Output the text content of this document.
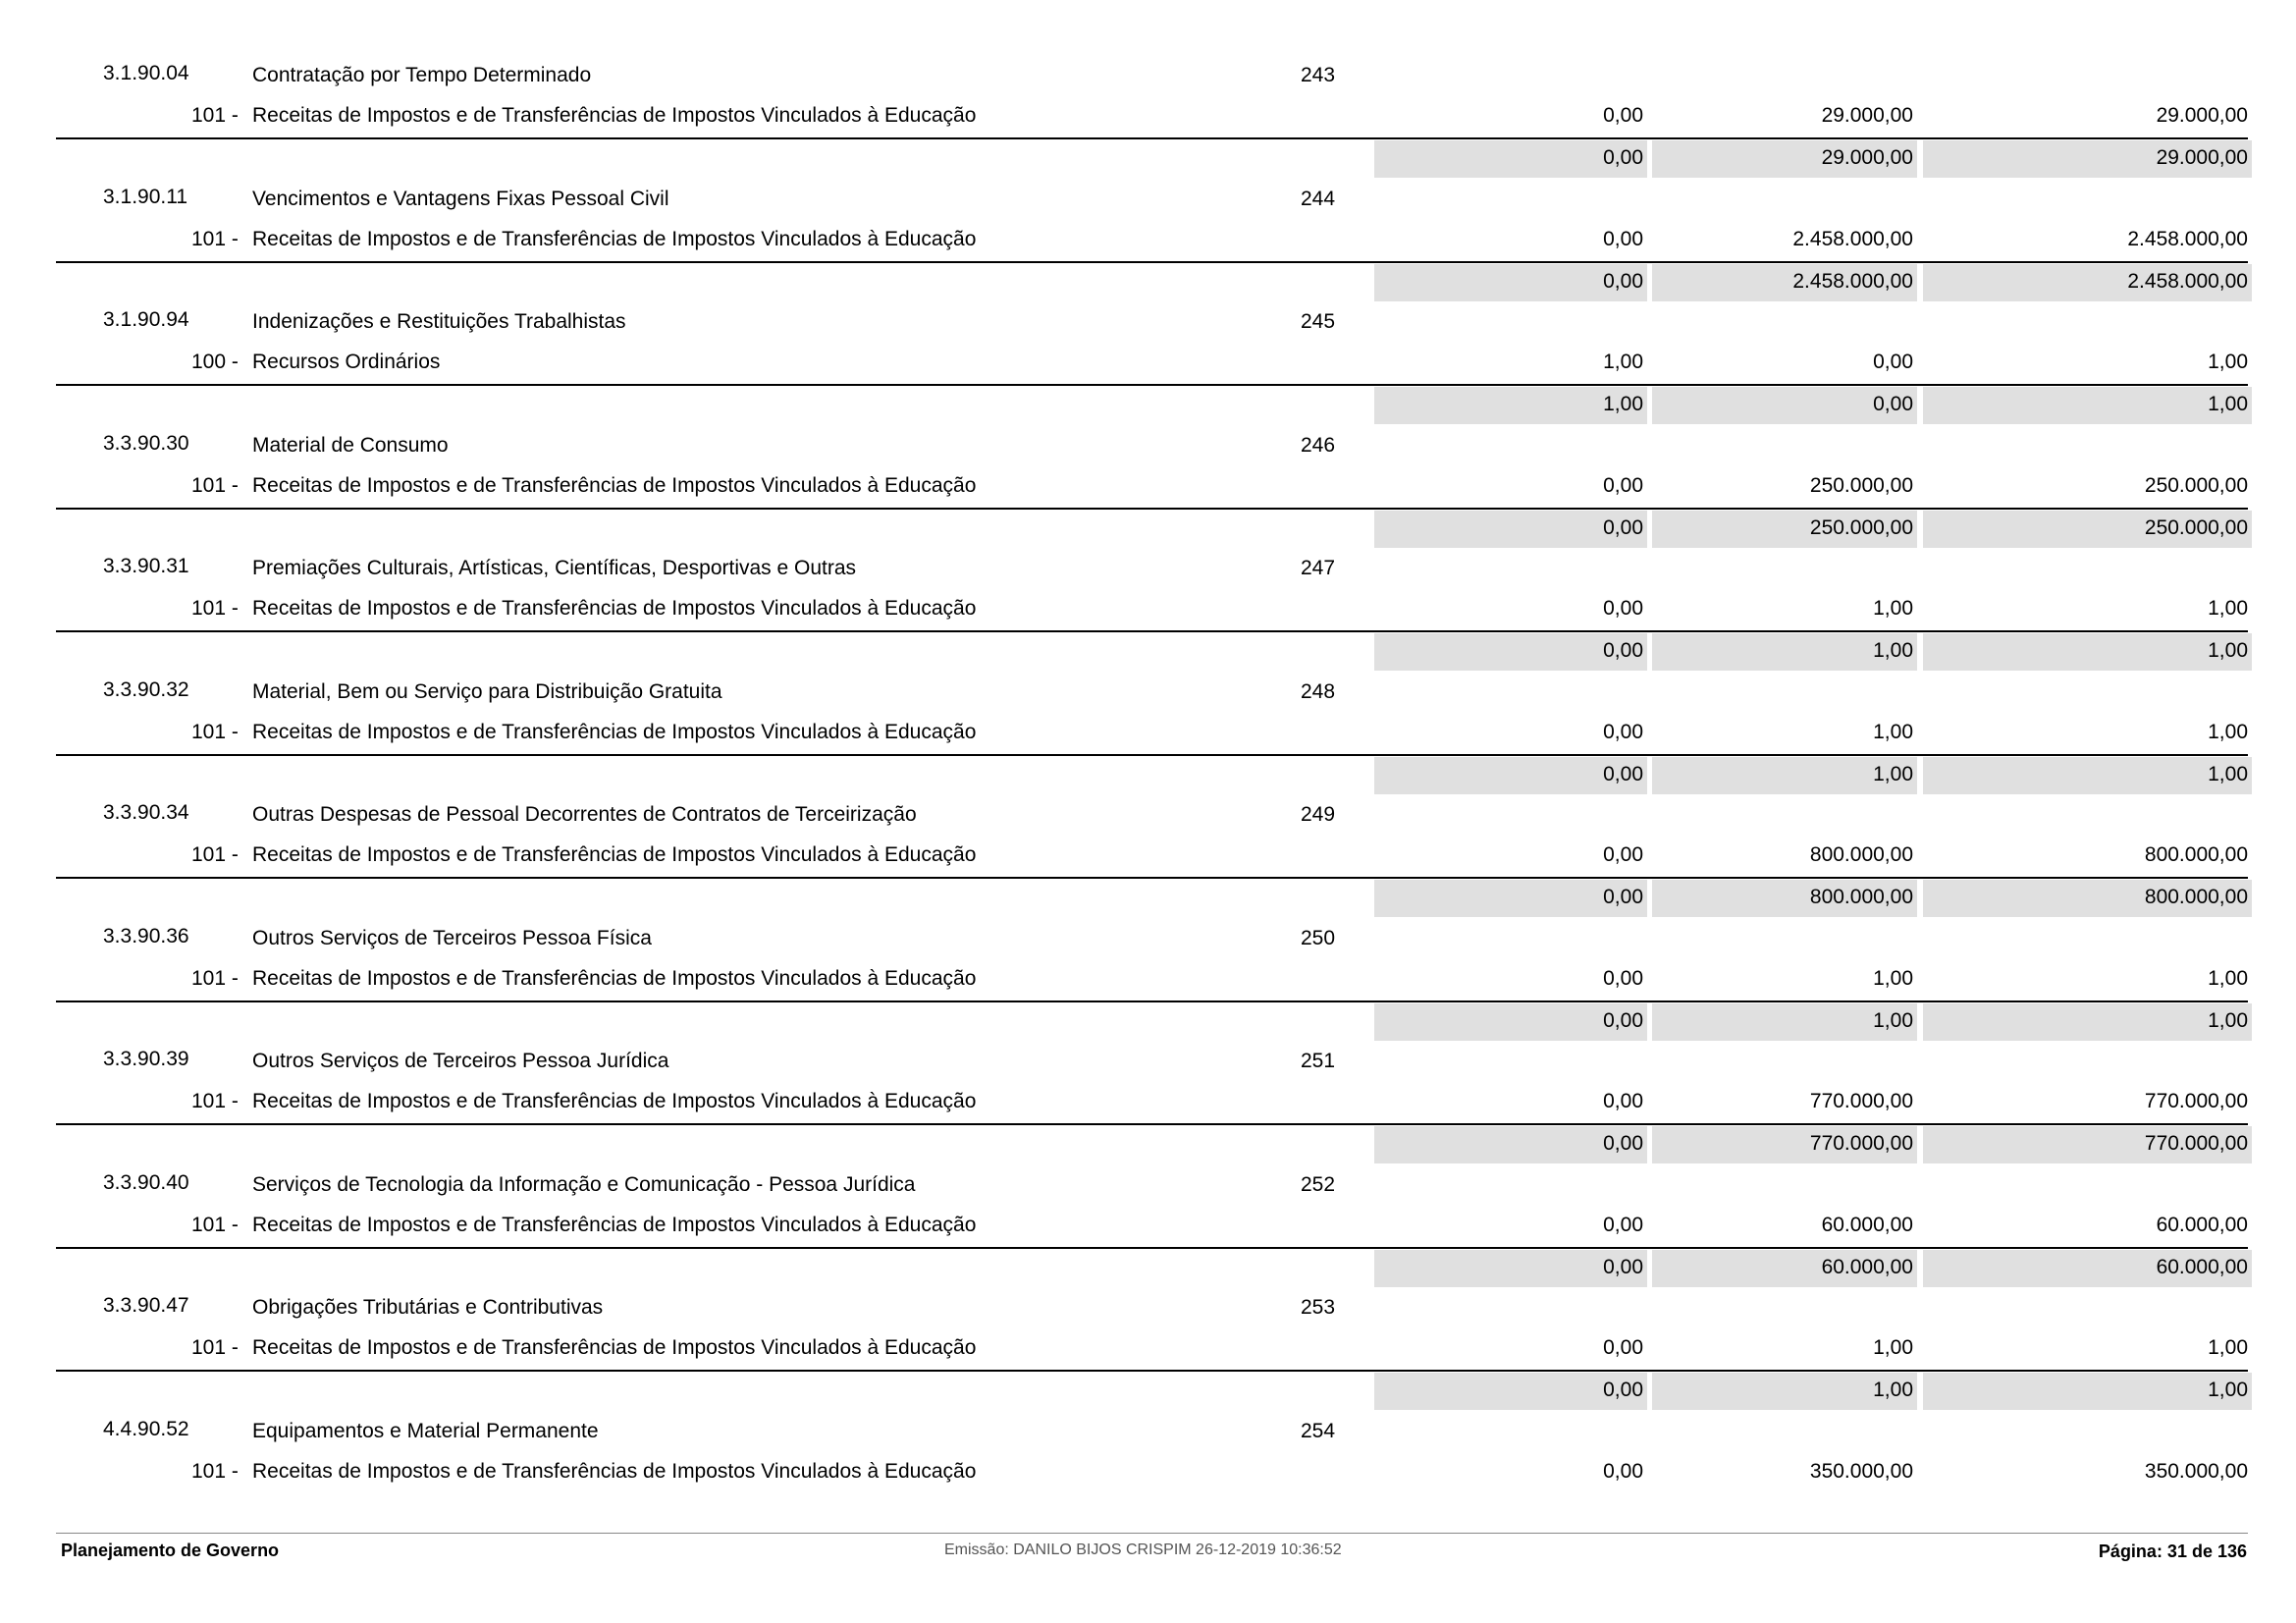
3.1.90.04	Contratação por Tempo Determinado	243
101 - Receitas de Impostos e de Transferências de Impostos Vinculados à Educação	0,00	29.000,00	29.000,00
0,00	29.000,00	29.000,00
3.1.90.11	Vencimentos e Vantagens Fixas Pessoal Civil	244
101 - Receitas de Impostos e de Transferências de Impostos Vinculados à Educação	0,00	2.458.000,00	2.458.000,00
0,00	2.458.000,00	2.458.000,00
3.1.90.94	Indenizações e Restituições Trabalhistas	245
100 - Recursos Ordinários	1,00	0,00	1,00
1,00	0,00	1,00
3.3.90.30	Material de Consumo	246
101 - Receitas de Impostos e de Transferências de Impostos Vinculados à Educação	0,00	250.000,00	250.000,00
0,00	250.000,00	250.000,00
3.3.90.31	Premiações Culturais, Artísticas, Científicas, Desportivas e Outras	247
101 - Receitas de Impostos e de Transferências de Impostos Vinculados à Educação	0,00	1,00	1,00
0,00	1,00	1,00
3.3.90.32	Material, Bem ou Serviço para Distribuição Gratuita	248
101 - Receitas de Impostos e de Transferências de Impostos Vinculados à Educação	0,00	1,00	1,00
0,00	1,00	1,00
3.3.90.34	Outras Despesas de Pessoal Decorrentes de Contratos de Terceirização	249
101 - Receitas de Impostos e de Transferências de Impostos Vinculados à Educação	0,00	800.000,00	800.000,00
0,00	800.000,00	800.000,00
3.3.90.36	Outros Serviços de Terceiros Pessoa Física	250
101 - Receitas de Impostos e de Transferências de Impostos Vinculados à Educação	0,00	1,00	1,00
0,00	1,00	1,00
3.3.90.39	Outros Serviços de Terceiros Pessoa Jurídica	251
101 - Receitas de Impostos e de Transferências de Impostos Vinculados à Educação	0,00	770.000,00	770.000,00
0,00	770.000,00	770.000,00
3.3.90.40	Serviços de Tecnologia da Informação e Comunicação - Pessoa Jurídica	252
101 - Receitas de Impostos e de Transferências de Impostos Vinculados à Educação	0,00	60.000,00	60.000,00
0,00	60.000,00	60.000,00
3.3.90.47	Obrigações Tributárias e Contributivas	253
101 - Receitas de Impostos e de Transferências de Impostos Vinculados à Educação	0,00	1,00	1,00
0,00	1,00	1,00
4.4.90.52	Equipamentos e Material Permanente	254
101 - Receitas de Impostos e de Transferências de Impostos Vinculados à Educação	0,00	350.000,00	350.000,00
Planejamento de Governo	Emissão: DANILO BIJOS CRISPIM 26-12-2019 10:36:52	Página: 31 de 136
